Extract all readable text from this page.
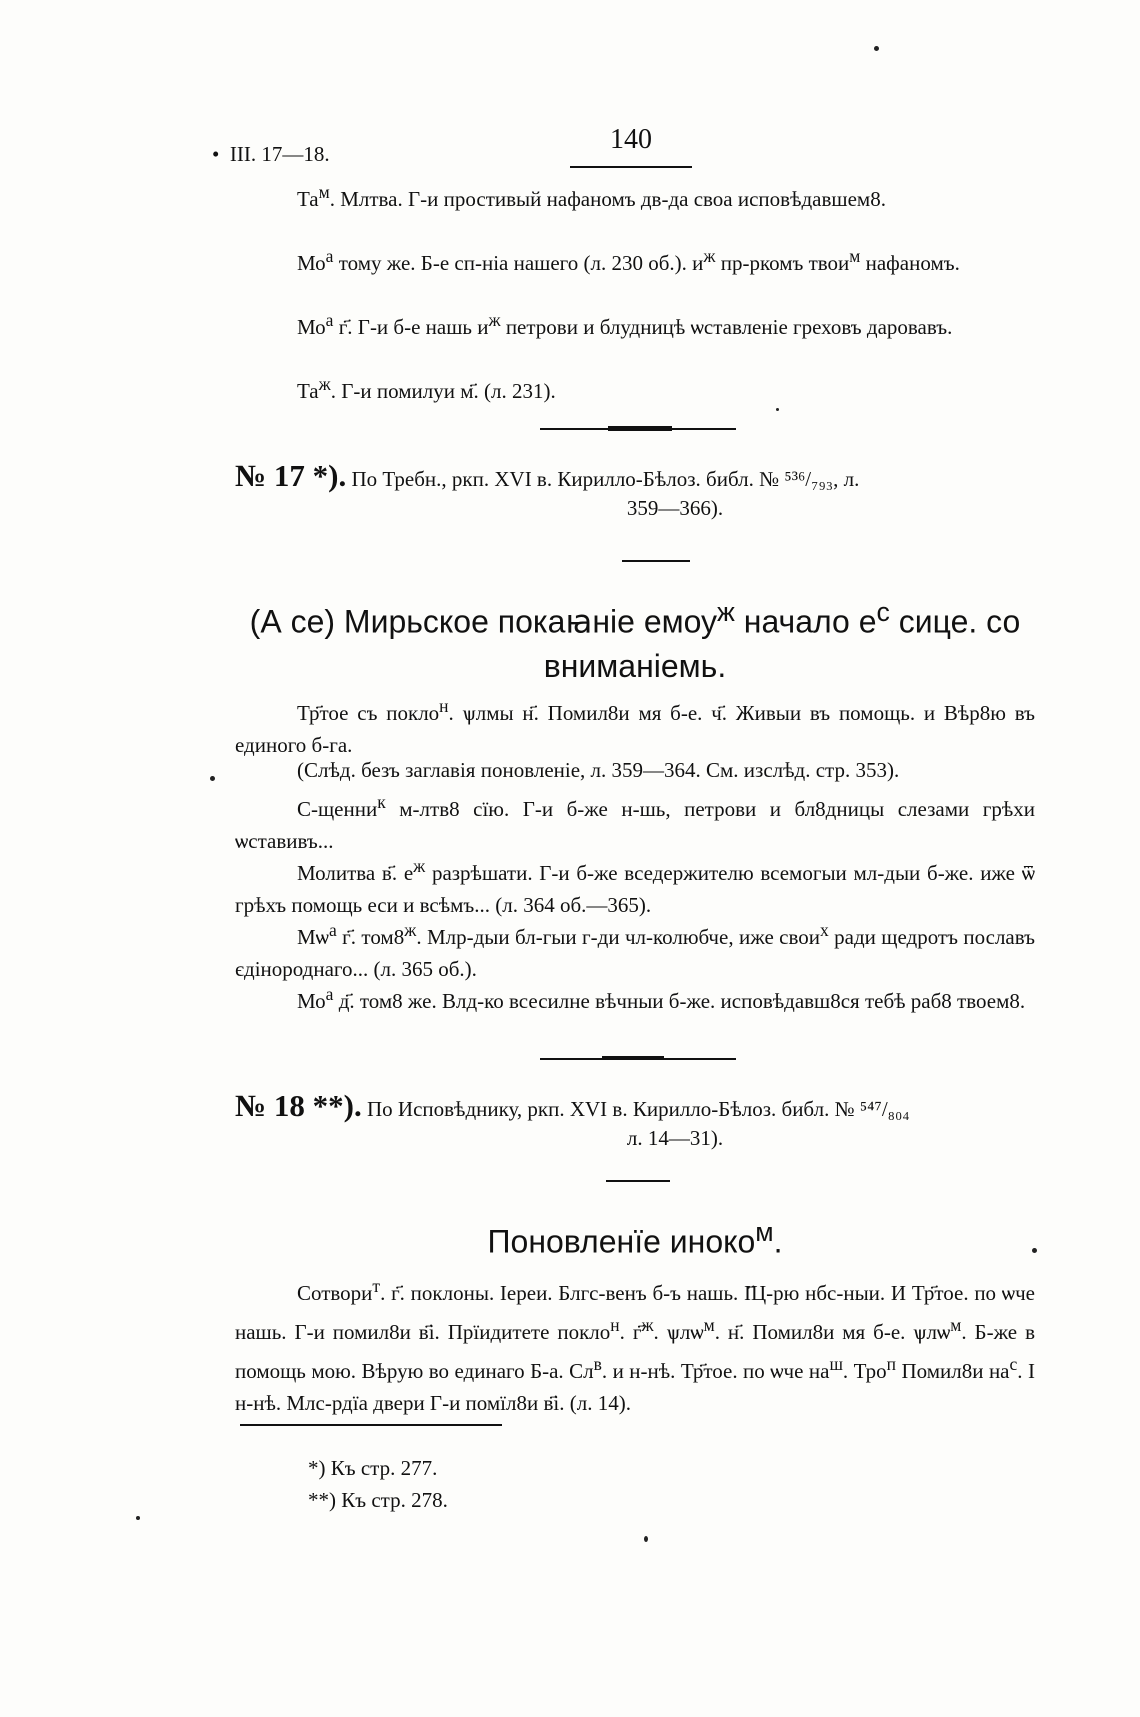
•  III. 17—18.	140
$Та^м$. Млтва. Г-и простивый нафаномъ дв-да своа исповѣдавшем8.
$Мо^а$ тому же. Б-е сп-ніа нашего (л. 230 об.). $и^ж$ пр-ркомъ твои$^м$ нафаномъ.
$Мо^а$ г҃. Г-и б-е нашь $и^ж$ петрови и блудницѣ ѡставленіе греховъ даровавъ.
$Та^ж$. Г-и помилуи м҃. (л. 231).
№ 17 *). По Требн., ркп. XVI в. Кирилло-Бѣлоз. библ. № ⁵³⁶/₇₉₃, л.
359—366).
(А се) Мирьское покаꙗніе емоу$^ж$ начало $е^с$ сице. со вниманіемь.
Тр҃тое съ покло$^н$. ѱлмы н҃. Помил8и мя б-е. ч҃. Живыи въ помощь. и Вѣр8ю въ единого б-га.
(Слѣд. безъ заглавія поновленіе, л. 359—364. См. изслѣд. стр. 353).
С-щенни$^к$ м-лтв8 сїю. Г-и б-же н-шь, петрови и бл8дницы слезами грѣхи ѡставивъ...
Молитва в҃. $е^ж$ разрѣшати. Г-и б-же вседержителю всемогыи мл-дыи б-же. иже ѿ грѣхъ помощь еси и всѣмъ... (л. 364 об.—365).
$Мѡ^а$ г҃. $том8^ж$. Млр-дыи бл-гыи г-ди чл-колюбче, иже свои$^х$ ради щедротъ пославъ єдінороднаго... (л. 365 об.).
$Мо^а$ д҃. том8 же. Влд-ко всесилне вѣчныи б-же. исповѣдавш8ся тебѣ раб8 твоем8.
№ 18 **). По Исповѣднику, ркп. XVI в. Кирилло-Бѣлоз. библ. № ⁵⁴⁷/₈₀₄
л. 14—31).
Поновленїе иноко$^м$.
Сотвори$^т$. г҃. поклоны. Іереи. Блгс-венъ б-ъ нашь. І҃Ц-рю нбс-ныи. И Тр҃тое. по ѡче нашь. Г-и помил8и в҃і. Прїидитете покло$^н$. г҃$^ж$. ѱлѡ$^м$. н҃. Помил8и мя б-е. ѱлѡ$^м$. Б-же в помощь мою. Вѣрую во единаго Б-а. $Сл^в$. и н-нѣ. Тр҃тое. по ѡче $на^ш$. Тро$^п$ Помил8и $на^с$. І н-нѣ. Млс-рдїа двери Г-и помїл8и в҃і. (л. 14).
*) Къ стр. 277.
**) Къ стр. 278.
